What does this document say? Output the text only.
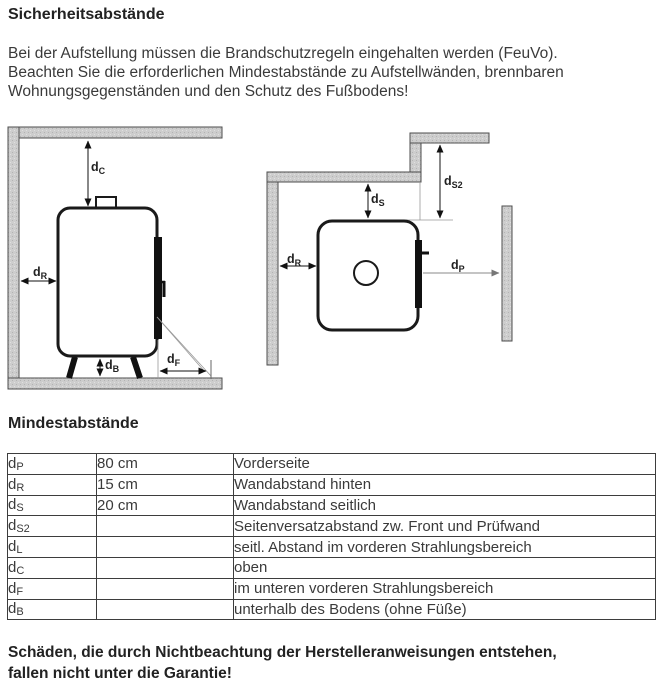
Sicherheitsabstände
Bei der Aufstellung müssen die Brandschutzregeln eingehalten werden (FeuVo).
Beachten Sie die erforderlichen Mindestabstände zu Aufstellwänden, brennbaren
Wohnungsgegenständen und den Schutz des Fußbodens!
$d_C$
$d_R$
$d_B$
$d_F$
$d_S$
$d_{S2}$
$d_R$	$d_P$
Mindestabstände
$d_P$	80 cm	Vorderseite
$d_R$	15 cm	Wandabstand hinten
$d_S$	20 cm	Wandabstand seitlich
$d_{S2}$		Seitenversatzabstand zw. Front und Prüfwand
$d_L$		seitl. Abstand im vorderen Strahlungsbereich
$d_C$		oben
$d_F$		im unteren vorderen Strahlungsbereich
$d_B$		unterhalb des Bodens (ohne Füße)
Schäden, die durch Nichtbeachtung der Herstelleranweisungen entstehen,
fallen nicht unter die Garantie!
